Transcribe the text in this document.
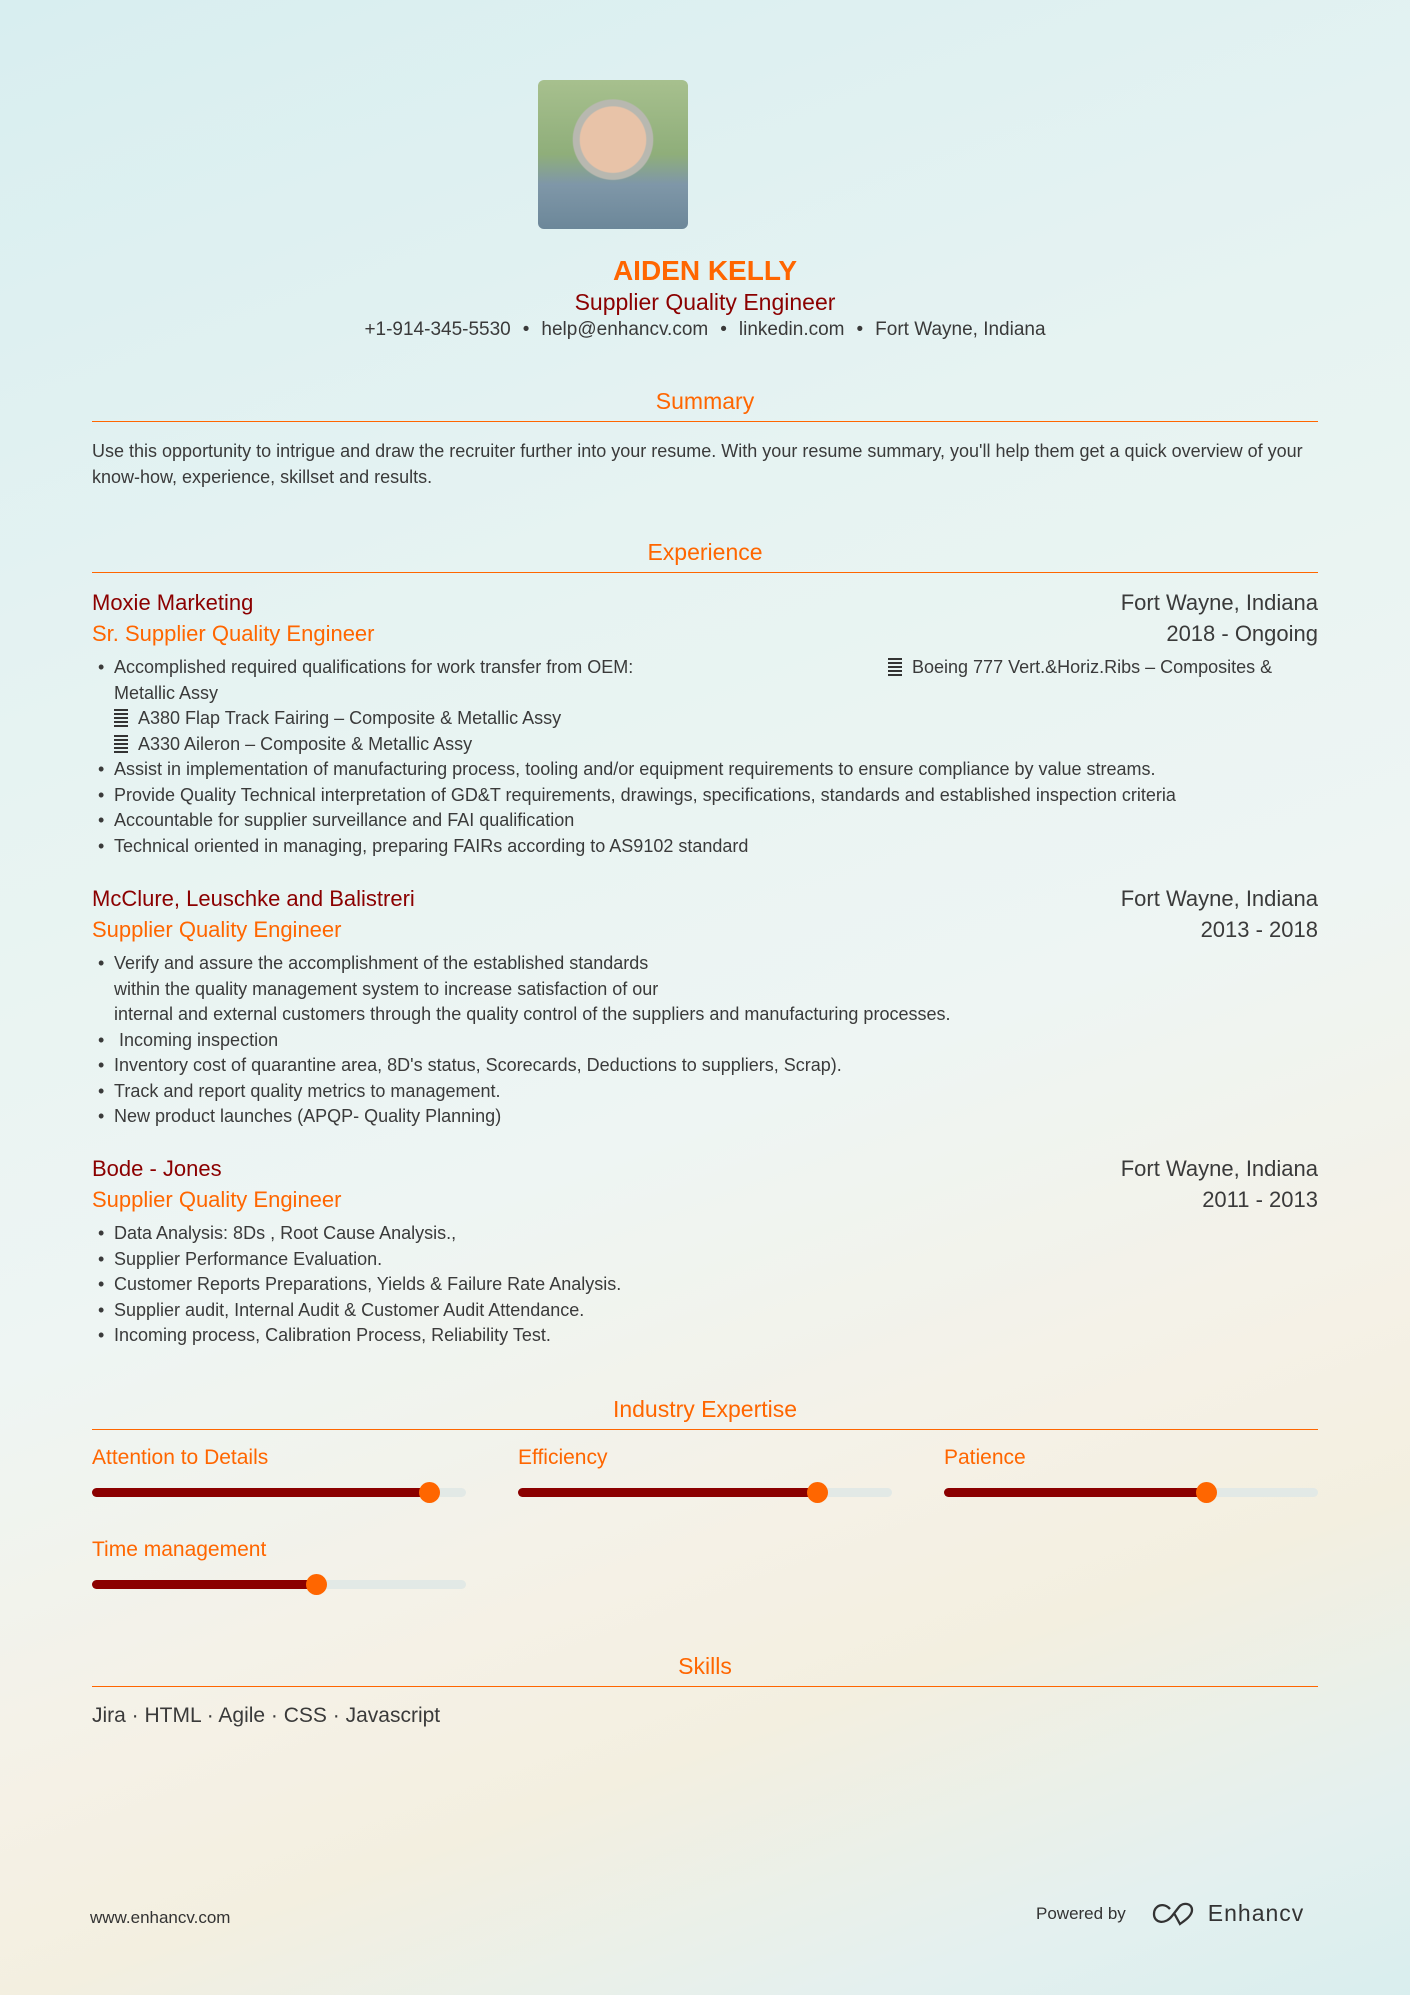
AIDEN KELLY
Supplier Quality Engineer
+1-914-345-5530 • help@enhancv.com • linkedin.com • Fort Wayne, Indiana
Summary
Use this opportunity to intrigue and draw the recruiter further into your resume. With your resume summary, you'll help them get a quick overview of your know-how, experience, skillset and results.
Experience
Moxie Marketing	Fort Wayne, Indiana
Sr. Supplier Quality Engineer	2018 - Ongoing
• Accomplished required qualifications for work transfer from OEM:	Boeing 777 Vert.&Horiz.Ribs – Composites &
Metallic Assy
A380 Flap Track Fairing – Composite & Metallic Assy
A330 Aileron – Composite & Metallic Assy
• Assist in implementation of manufacturing process, tooling and/or equipment requirements to ensure compliance by value streams.
• Provide Quality Technical interpretation of GD&T requirements, drawings, specifications, standards and established inspection criteria
• Accountable for supplier surveillance and FAI qualification
• Technical oriented in managing, preparing FAIRs according to AS9102 standard
McClure, Leuschke and Balistreri	Fort Wayne, Indiana
Supplier Quality Engineer	2013 - 2018
• Verify and assure the accomplishment of the established standards
within the quality management system to increase satisfaction of our
internal and external customers through the quality control of the suppliers and manufacturing processes.
•  Incoming inspection
• Inventory cost of quarantine area, 8D's status, Scorecards, Deductions to suppliers, Scrap).
• Track and report quality metrics to management.
• New product launches (APQP- Quality Planning)
Bode - Jones	Fort Wayne, Indiana
Supplier Quality Engineer	2011 - 2013
• Data Analysis: 8Ds , Root Cause Analysis.,
• Supplier Performance Evaluation.
• Customer Reports Preparations, Yields & Failure Rate Analysis.
• Supplier audit, Internal Audit & Customer Audit Attendance.
• Incoming process, Calibration Process, Reliability Test.
Industry Expertise
Attention to Details	Efficiency	Patience
Time management
Skills
Jira · HTML · Agile · CSS · Javascript
www.enhancv.com	Powered by	Enhancv
